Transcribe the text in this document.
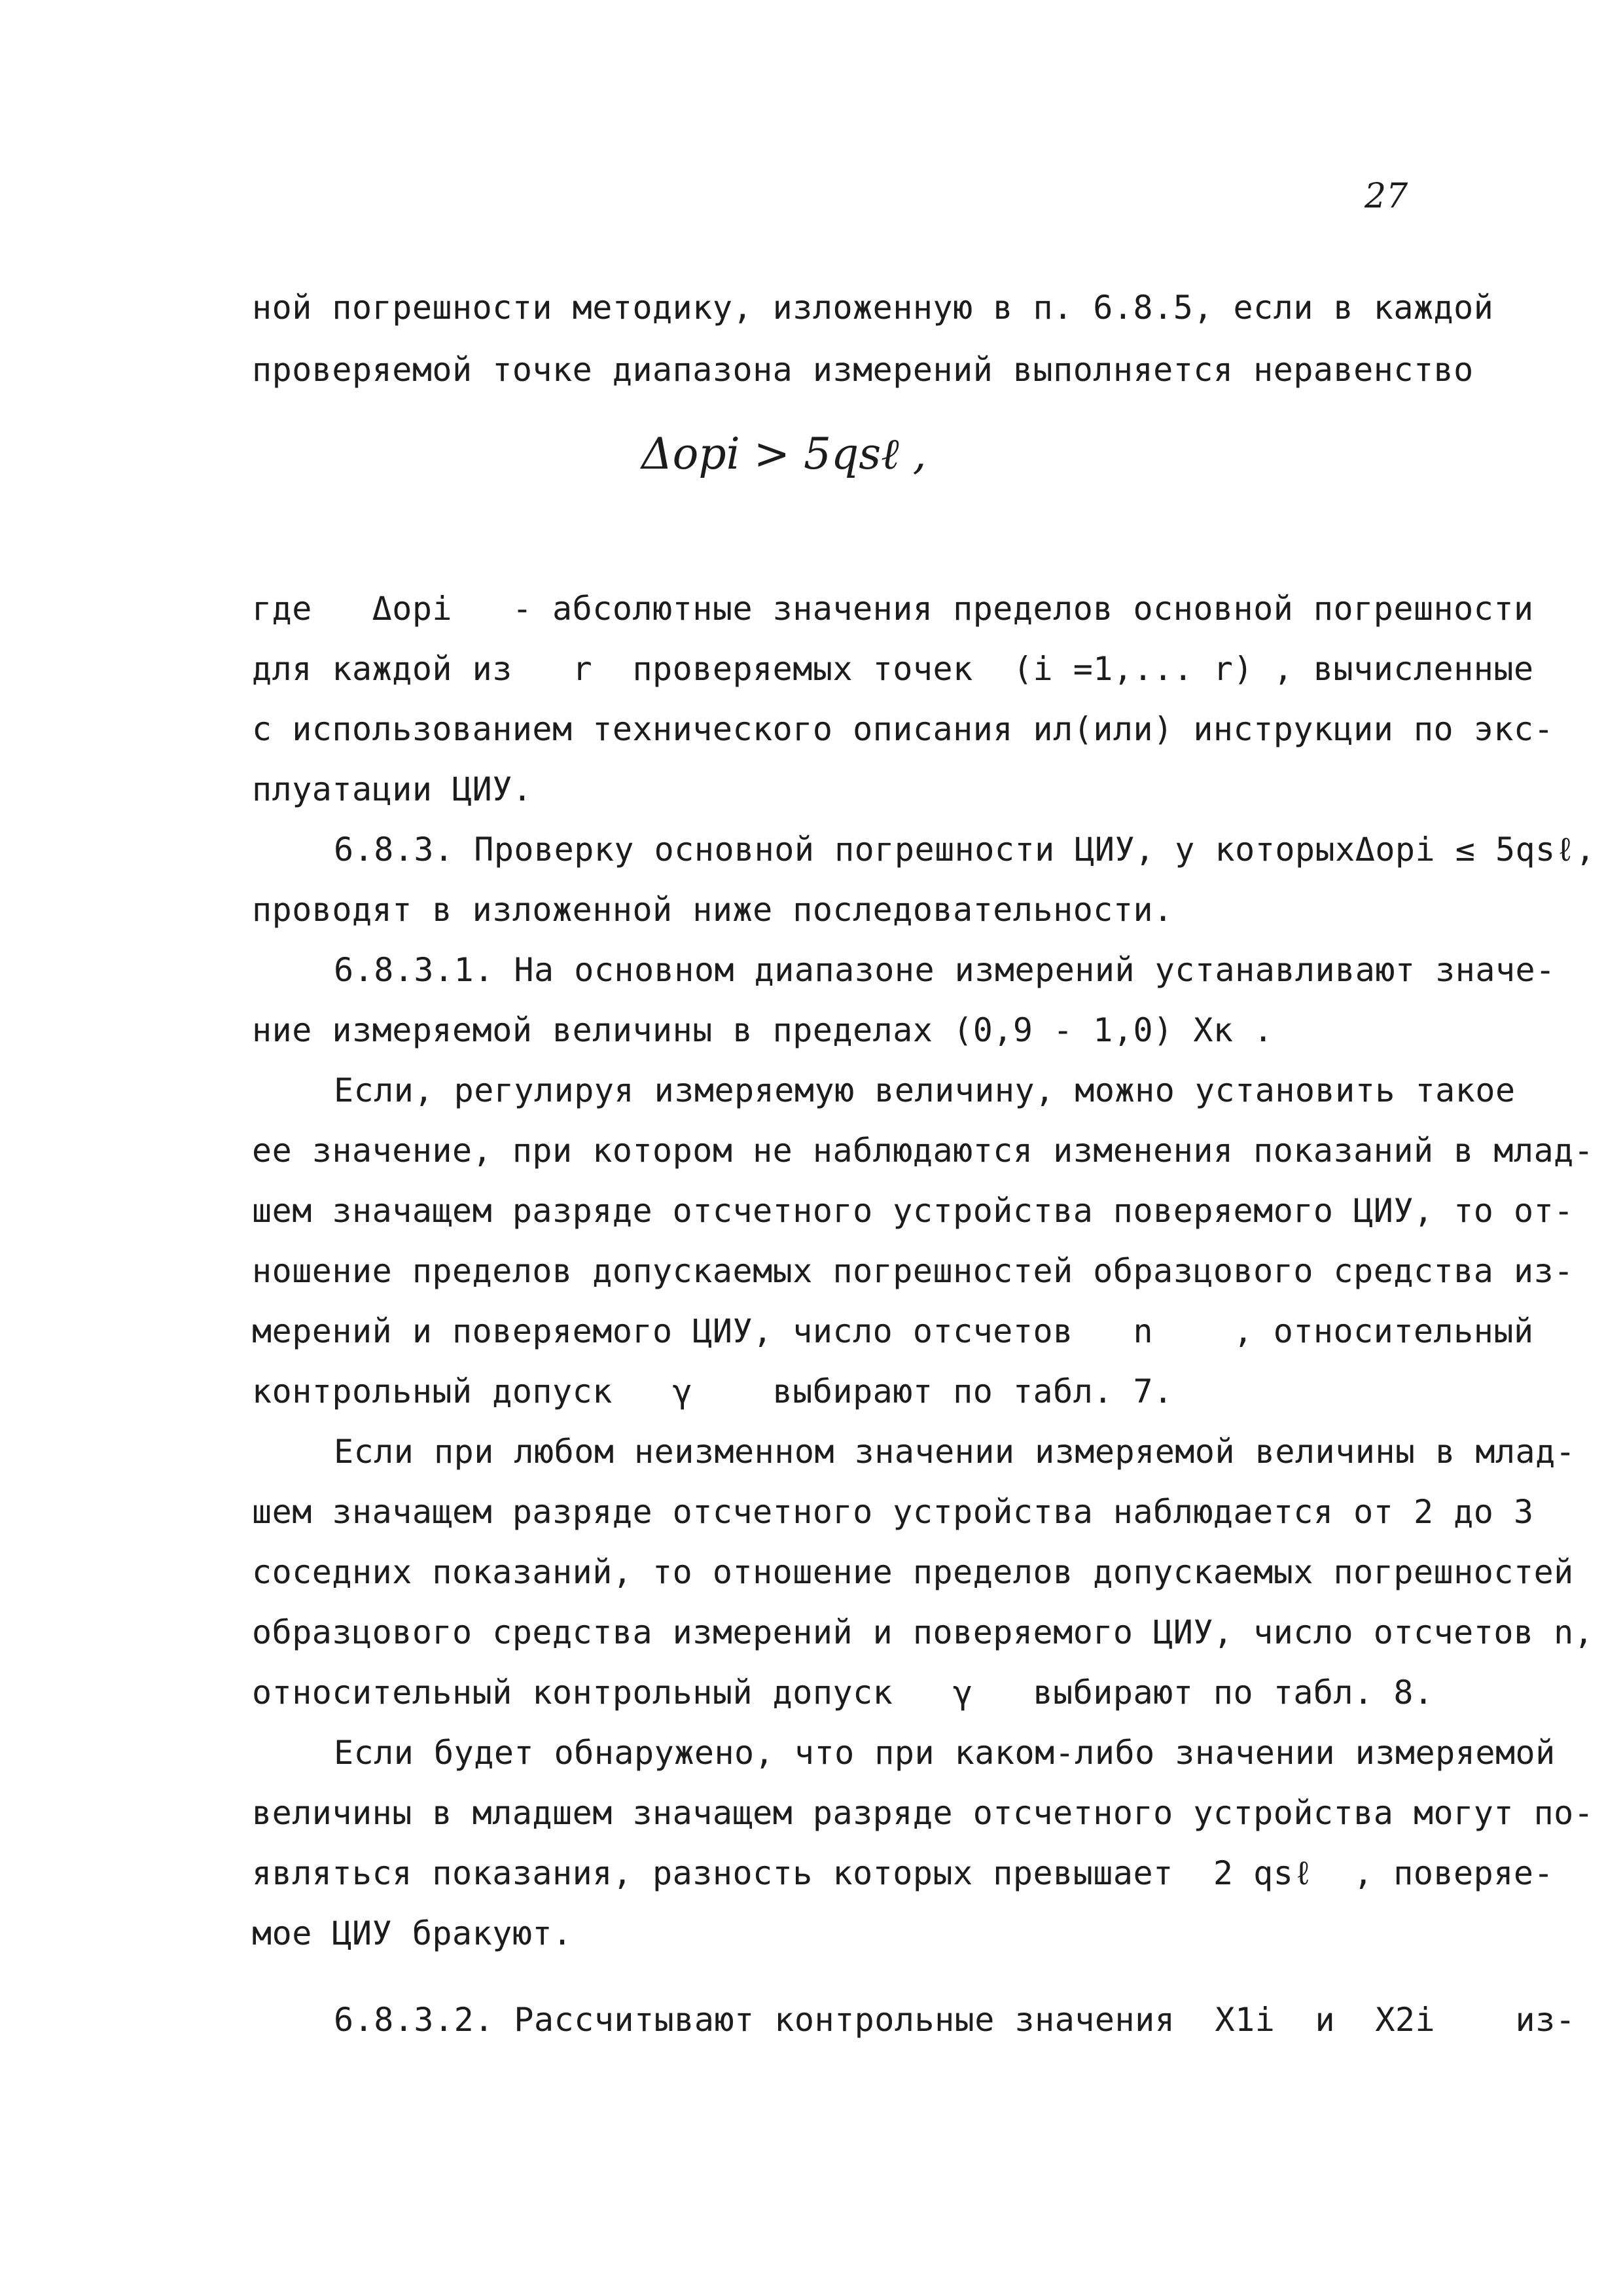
27
ной погрешности методику, изложенную в п. 6.8.5, если в каждой
проверяемой точке диапазона измерений выполняется неравенство
Δopi > 5qsℓ ,
где   Δopi   - абсолютные значения пределов основной погрешности
для каждой из   r  проверяемых точек  (i =1,... r) , вычисленные
с использованием технического описания ил(или) инструкции по экс-
плуатации ЦИУ.
6.8.3. Проверку основной погрешности ЦИУ, у которыхΔopi ≤ 5qsℓ,
проводят в изложенной ниже последовательности.
6.8.3.1. На основном диапазоне измерений устанавливают значе-
ние измеряемой величины в пределах (0,9 - 1,0) Xк .
Если, регулируя измеряемую величину, можно установить такое
ее значение, при котором не наблюдаются изменения показаний в млад-
шем значащем разряде отсчетного устройства поверяемого ЦИУ, то от-
ношение пределов допускаемых погрешностей образцового средства из-
мерений и поверяемого ЦИУ, число отсчетов   n    , относительный
контрольный допуск   γ    выбирают по табл. 7.
Если при любом неизменном значении измеряемой величины в млад-
шем значащем разряде отсчетного устройства наблюдается от 2 до 3
соседних показаний, то отношение пределов допускаемых погрешностей
образцового средства измерений и поверяемого ЦИУ, число отсчетов n,
относительный контрольный допуск   γ   выбирают по табл. 8.
Если будет обнаружено, что при каком-либо значении измеряемой
величины в младшем значащем разряде отсчетного устройства могут по-
являться показания, разность которых превышает  2 qsℓ  , поверяе-
мое ЦИУ бракуют.
6.8.3.2. Рассчитывают контрольные значения  X1i  и  X2i    из-
